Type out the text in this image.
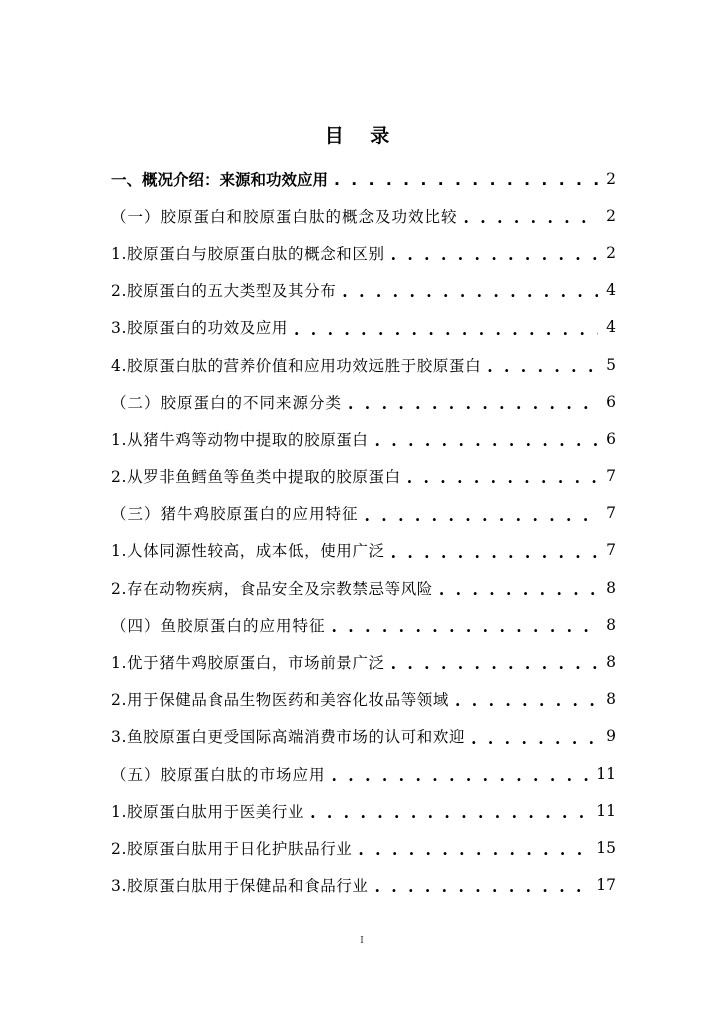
目 录
一、概况介绍：来源和功效应用 . . .	2
（一）胶原蛋白和胶原蛋白肽的概念及功效比较 . . .	2
1.胶原蛋白与胶原蛋白肽的概念和区别 . . .	2
2.胶原蛋白的五大类型及其分布 . . .	4
3.胶原蛋白的功效及应用 . . .	4
4.胶原蛋白肽的营养价值和应用功效远胜于胶原蛋白 . . .	5
（二）胶原蛋白的不同来源分类 . . .	6
1.从猪牛鸡等动物中提取的胶原蛋白 . . .	6
2.从罗非鱼鳕鱼等鱼类中提取的胶原蛋白 . . .	7
（三）猪牛鸡胶原蛋白的应用特征 . . .	7
1.人体同源性较高，成本低，使用广泛 . . .	7
2.存在动物疾病，食品安全及宗教禁忌等风险 . . .	8
（四）鱼胶原蛋白的应用特征 . . .	8
1.优于猪牛鸡胶原蛋白，市场前景广泛 . . .	8
2.用于保健品食品生物医药和美容化妆品等领域 . . .	8
3.鱼胶原蛋白更受国际高端消费市场的认可和欢迎 . . .	9
（五）胶原蛋白肽的市场应用 . . .	11
1.胶原蛋白肽用于医美行业 . . .	11
2.胶原蛋白肽用于日化护肤品行业 . . .	15
3.胶原蛋白肽用于保健品和食品行业 . . .	17
I
